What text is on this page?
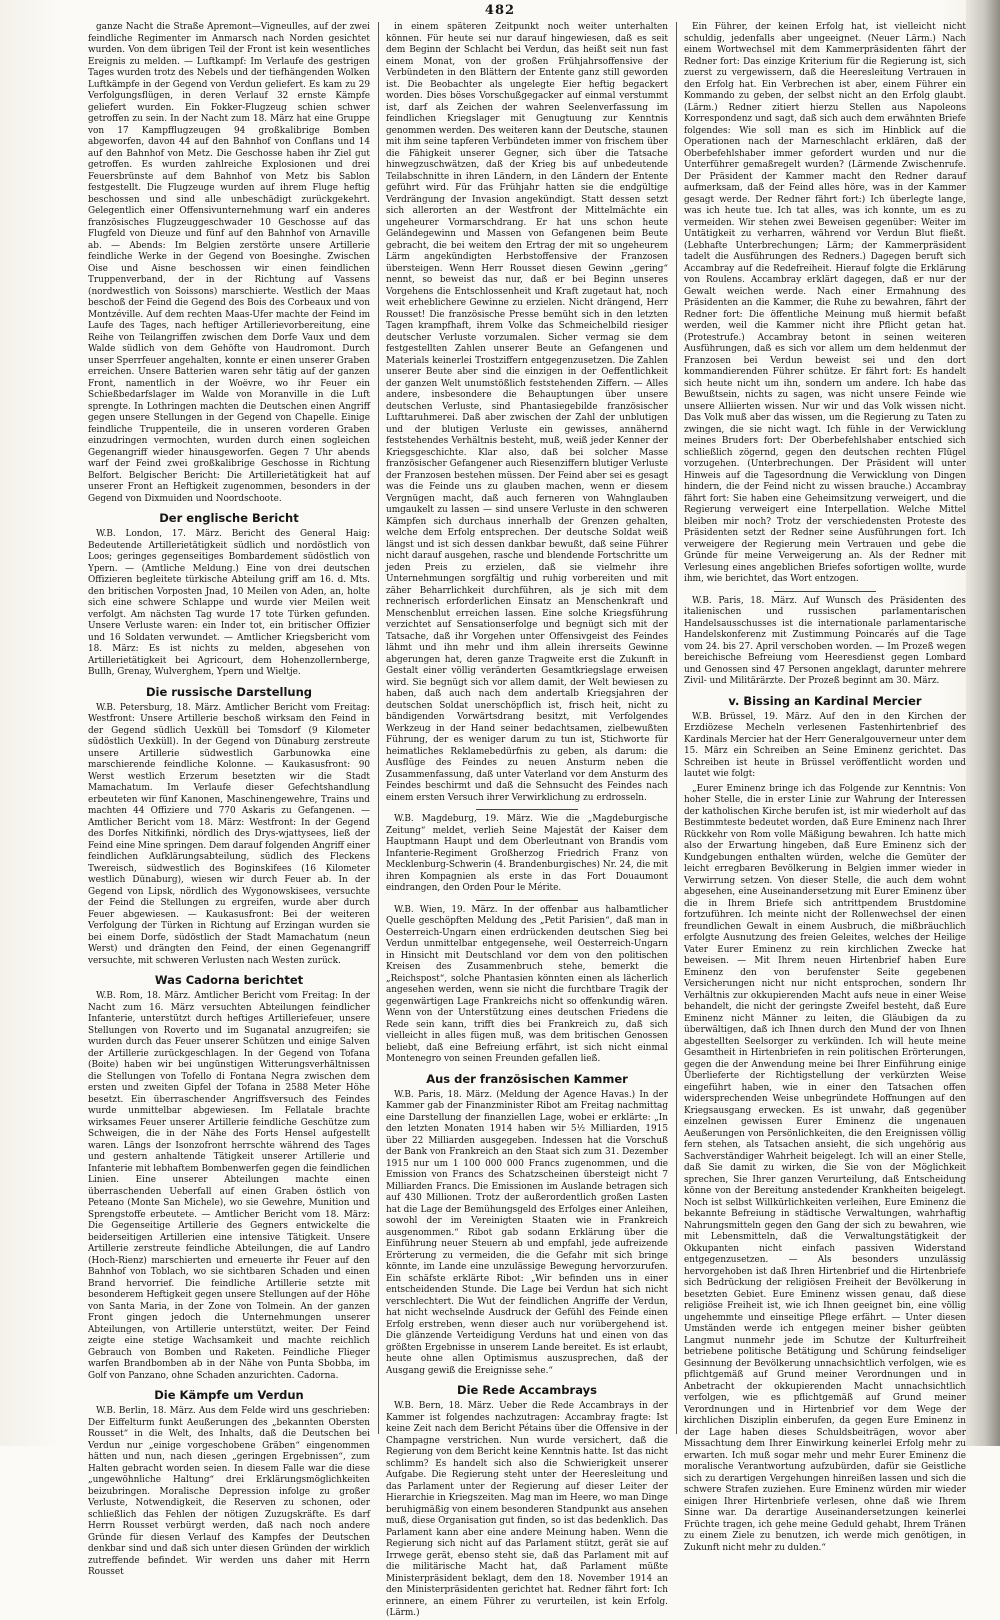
482

ganze Nacht die Straße Apremont—Vigneulles, auf der zwei feindliche Regimenter im Anmarsch nach Norden gesichtet wurden. Von dem übrigen Teil der Front ist kein wesentliches Ereignis zu melden. — Luftkampf: Im Verlaufe des gestrigen Tages wurden trotz des Nebels und der tiefhängenden Wolken Luftkämpfe in der Gegend von Verdun geliefert. Es kam zu 29 Verfolgungsflügen, in deren Verlauf 32 ernste Kämpfe geliefert wurden. Ein Fokker-Flugzeug schien schwer getroffen zu sein. In der Nacht zum 18. März hat eine Gruppe von 17 Kampfflugzeugen 94 großkalibrige Bomben abgeworfen, davon 44 auf den Bahnhof von Conflans und 14 auf den Bahnhof von Metz. Die Geschosse haben ihr Ziel gut getroffen. Es wurden zahlreiche Explosionen und drei Feuersbrünste auf dem Bahnhof von Metz bis Sablon festgestellt. Die Flugzeuge wurden auf ihrem Fluge heftig beschossen und sind alle unbeschädigt zurückgekehrt. Gelegentlich einer Offensivunternehmung warf ein anderes französisches Flugzeuggeschwader 10 Geschosse auf das Flugfeld von Dieuze und fünf auf den Bahnhof von Arnaville ab. — Abends: Im Belgien zerstörte unsere Artillerie feindliche Werke in der Gegend von Boesinghe. Zwischen Oise und Aisne beschossen wir einen feindlichen Truppenverband, der in der Richtung auf Vassens (nordwestlich von Soissons) marschierte. Westlich der Maas beschoß der Feind die Gegend des Bois des Corbeaux und von Montzéville. Auf dem rechten Maas-Ufer machte der Feind im Laufe des Tages, nach heftiger Artillerievorbereitung, eine Reihe von Teilangriffen zwischen dem Dorfe Vaux und dem Walde südlich von dem Gehöfte von Haudromont. Durch unser Sperrfeuer angehalten, konnte er einen unserer Graben erreichen. Unsere Batterien waren sehr tätig auf der ganzen Front, namentlich in der Woëvre, wo ihr Feuer ein Schießbedarfslager im Walde von Moranville in die Luft sprengte. In Lothringen machten die Deutschen einen Angriff gegen unsere Stellungen in der Gegend von Chapelle. Einige feindliche Truppenteile, die in unseren vorderen Graben einzudringen vermochten, wurden durch einen sogleichen Gegenangriff wieder hinausgeworfen. Gegen 7 Uhr abends warf der Feind zwei großkalibrige Geschosse in Richtung Belfort. Belgischer Bericht: Die Artillerietätigkeit hat auf unserer Front an Heftigkeit zugenommen, besonders in der Gegend von Dixmuiden und Noordschoote.

Der englische Bericht

W.B. London, 17. März. Bericht des General Haig: Bedeutende Artillerietätigkeit südlich und nordöstlich von Loos; geringes gegenseitiges Bombardement südöstlich von Ypern. — (Amtliche Meldung.) Eine von drei deutschen Offizieren begleitete türkische Abteilung griff am 16. d. Mts. den britischen Vorposten Jnad, 10 Meilen von Aden, an, holte sich eine schwere Schlappe und wurde vier Meilen weit verfolgt. Am nächsten Tag wurde 17 tote Türken gefunden. Unsere Verluste waren: ein Inder tot, ein britischer Offizier und 16 Soldaten verwundet. — Amtlicher Kriegsbericht vom 18. März: Es ist nichts zu melden, abgesehen von Artillerietätigkeit bei Agricourt, dem Hohenzollernberge, Bullh, Grenay, Wulverghem, Ypern und Wieltje.

Die russische Darstellung

W.B. Petersburg, 18. März. Amtlicher Bericht vom Freitag: Westfront: Unsere Artillerie beschoß wirksam den Feind in der Gegend südlich Uexküll bei Tomsdorf (9 Kilometer südöstlich Uexküll). In der Gegend von Dünaburg zerstreute unsere Artillerie südwestlich Garbunowka eine marschierende feindliche Kolonne. — Kaukasusfront: 90 Werst westlich Erzerum besetzten wir die Stadt Mamachatum. Im Verlaufe dieser Gefechtshandlung erbeuteten wir fünf Kanonen, Maschinengewehre, Trains und machten 44 Offiziere und 770 Askaris zu Gefangenen. — Amtlicher Bericht vom 18. März: Westfront: In der Gegend des Dorfes Nitkifinki, nördlich des Drys-wjattysees, ließ der Feind eine Mine springen. Dem darauf folgenden Angriff einer feindlichen Aufklärungsabteilung, südlich des Fleckens Twereisch, südwestlich des Boginskifees (16 Kilometer westlich Dünaburg), wiesen wir durch Feuer ab. In der Gegend von Lipsk, nördlich des Wygonowskisees, versuchte der Feind die Stellungen zu ergreifen, wurde aber durch Feuer abgewiesen. — Kaukasusfront: Bei der weiteren Verfolgung der Türken in Richtung auf Erzingan wurden sie bei einem Dorfe, südöstlich der Stadt Mamachatum (neun Werst) und drängten den Feind, der einen Gegenangriff versuchte, mit schweren Verlusten nach Westen zurück.

Was Cadorna berichtet

W.B. Rom, 18. März. Amtlicher Bericht vom Freitag: In der Nacht zum 16. März versuchten Abteilungen feindlicher Infanterie, unterstützt durch heftiges Artilleriefeuer, unsere Stellungen von Roverto und im Suganatal anzugreifen; sie wurden durch das Feuer unserer Schützen und einige Salven der Artillerie zurückgeschlagen. In der Gegend von Tofana (Boite) haben wir bei ungünstigen Witterungsverhältnissen die Stellungen von Tofello di Fontana Negra zwischen dem ersten und zweiten Gipfel der Tofana in 2588 Meter Höhe besetzt. Ein überraschender Angriffsversuch des Feindes wurde unmittelbar abgewiesen. Im Fellatale brachte wirksames Feuer unserer Artillerie feindliche Geschütze zum Schweigen, die in der Nähe des Forts Hensel aufgestellt waren. Längs der Isonzofront herrschte während des Tages und gestern anhaltende Tätigkeit unserer Artillerie und Infanterie mit lebhaftem Bombenwerfen gegen die feindlichen Linien. Eine unserer Abteilungen machte einen überraschenden Ueberfall auf einen Graben östlich von Peteano (Monte San Michele), wo sie Gewehre, Munition und Sprengstoffe erbeutete. — Amtlicher Bericht vom 18. März: Die Gegenseitige Artillerie des Gegners entwickelte die beiderseitigen Artillerien eine intensive Tätigkeit. Unsere Artillerie zerstreute feindliche Abteilungen, die auf Landro (Hoch-Rienz) marschierten und erneuerte ihr Feuer auf den Bahnhof von Toblach, wo sie sichtbaren Schaden und einen Brand hervorrief. Die feindliche Artillerie setzte mit besonderem Heftigkeit gegen unsere Stellungen auf der Höhe von Santa Maria, in der Zone von Tolmein. An der ganzen Front gingen jedoch die Unternehmungen unserer Abteilungen, von Artillerie unterstützt, weiter. Der Feind zeigte eine stetige Wachsamkeit und machte reichlich Gebrauch von Bomben und Raketen. Feindliche Flieger warfen Brandbomben ab in der Nähe von Punta Sbobba, im Golf von Panzano, ohne Schaden anzurichten. Cadorna.

Die Kämpfe um Verdun

W.B. Berlin, 18. März. Aus dem Felde wird uns geschrieben: Der Eiffelturm funkt Aeußerungen des „bekannten Obersten Rousset“ in die Welt, des Inhalts, daß die Deutschen bei Verdun nur „einige vorgeschobene Gräben“ eingenommen hätten und nun, nach diesen „geringen Ergebnissen“, zum Halten gebracht worden seien. In diesem Falle war die diese „ungewöhnliche Haltung“ drei Erklärungsmöglichkeiten beizubringen. Moralische Depression infolge zu großer Verluste, Notwendigkeit, die Reserven zu schonen, oder schließlich das Fehlen der nötigen Zuzugskräfte. Es darf Herrn Rousset verbürgt werden, daß nach noch andere Gründe für diesen Verlauf des Kampfes der Deutschen denkbar sind und daß sich unter diesen Gründen der wirklich zutreffende befindet. Wir werden uns daher mit Herrn Rousset

in einem späteren Zeitpunkt noch weiter unterhalten können. Für heute sei nur darauf hingewiesen, daß es seit dem Beginn der Schlacht bei Verdun, das heißt seit nun fast einem Monat, von der großen Frühjahrsoffensive der Verbündeten in den Blättern der Entente ganz still geworden ist. Die Beobachter als ungelegte Eier heftig begackert worden. Dies böses Vorschußgegacker auf einmal verstummt ist, darf als Zeichen der wahren Seelenverfassung im feindlichen Kriegslager mit Genugtuung zur Kenntnis genommen werden. Des weiteren kann der Deutsche, staunen mit ihm seine tapferen Verbündeten immer von frischem über die Fähigkeit unserer Gegner, sich über die Tatsache hinwegzuschwätzen, daß der Krieg bis auf unbedeutende Teilabschnitte in ihren Ländern, in den Ländern der Entente geführt wird. Für das Frühjahr hatten sie die endgültige Verdrängung der Invasion angekündigt. Statt dessen setzt sich allerorten an der Westfront der Mittelmächte ein ungeheurer Vormarschdrang. Er hat uns schon heute Geländegewinn und Massen von Gefangenen beim Beute gebracht, die bei weitem den Ertrag der mit so ungeheurem Lärm angekündigten Herbstoffensive der Franzosen übersteigen. Wenn Herr Rousset diesen Gewinn „gering“ nennt, so beweist das nur, daß er bei Beginn unseres Vorgehens die Entschlossenheit und Kraft zugetaut hat, noch weit erheblichere Gewinne zu erzielen. Nicht drängend, Herr Rousset! Die französische Presse bemüht sich in den letzten Tagen krampfhaft, ihrem Volke das Schmeichelbild riesiger deutscher Verluste vorzumalen. Sicher vermag sie dem festgestellten Zahlen unserer Beute an Gefangenen und Materials keinerlei Trostziffern entgegenzusetzen. Die Zahlen unserer Beute aber sind die einzigen in der Oeffentlichkeit der ganzen Welt unumstößlich feststehenden Ziffern. — Alles andere, insbesondere die Behauptungen über unsere deutschen Verluste, sind Phantasiegebilde französischer Lufttaruhmerei. Daß aber zwischen der Zahl der unblutigen und der blutigen Verluste ein gewisses, annähernd feststehendes Verhältnis besteht, muß, weiß jeder Kenner der Kriegsgeschichte. Klar also, daß bei solcher Masse französischer Gefangener auch Riesenziffern blutiger Verluste der Franzosen bestehen müssen. Der Feind aber sei es gesagt was die Feinde uns zu glauben machen, wenn er diesem Vergnügen macht, daß auch ferneren von Wahnglauben umgaukelt zu lassen — sind unsere Verluste in den schweren Kämpfen sich durchaus innerhalb der Grenzen gehalten, welche dem Erfolg entsprechen. Der deutsche Soldat weiß längst und ist sich dessen dankbar bewußt, daß seine Führer nicht darauf ausgehen, rasche und blendende Fortschritte um jeden Preis zu erzielen, daß sie vielmehr ihre Unternehmungen sorgfältig und ruhig vorbereiten und mit zäher Beharrlichkeit durchführen, als je sich mit dem rechnerisch erforderlichen Einsatz an Menschenkraft und Menschenblut erreichen lassen. Eine solche Kriegsführung verzichtet auf Sensationserfolge und begnügt sich mit der Tatsache, daß ihr Vorgehen unter Offensivgeist des Feindes lähmt und ihn mehr und ihm allein ihrerseits Gewinne abgerungen hat, deren ganze Tragweite erst die Zukunft in Gestalt einer völlig veränderten Gesamtkriegslage erweisen wird. Sie begnügt sich vor allem damit, der Welt bewiesen zu haben, daß auch nach dem andertalb Kriegsjahren der deutschen Soldat unerschöpflich ist, frisch heit, nicht zu bändigenden Vorwärtsdrang besitzt, mit Verfolgendes Werkzeug in der Hand seiner bedachtsamen, zielbewußten Führung, der es weniger darum zu tun ist, Stichworte für heimatliches Reklamebedürfnis zu geben, als darum: die Ausflüge des Feindes zu neuen Ansturm neben die Zusammenfassung, daß unter Vaterland vor dem Ansturm des Feindes beschirmt und daß die Sehnsucht des Feindes nach einem ersten Versuch ihrer Verwirklichung zu erdrosseln.

W.B. Magdeburg, 19. März. Wie die „Magdeburgische Zeitung“ meldet, verlieh Seine Majestät der Kaiser dem Hauptmann Haupt und dem Oberleutnant von Brandis vom Infanterie-Regiment Großherzog Friedrich Franz von Mecklenburg-Schwerin (4. Brandenburgisches) Nr. 24, die mit ihren Kompagnien als erste in das Fort Douaumont eindrangen, den Orden Pour le Mérite.

W.B. Wien, 19. März. In der offenbar aus halbamtlicher Quelle geschöpften Meldung des „Petit Parisien“, daß man in Oesterreich-Ungarn einen erdrückenden deutschen Sieg bei Verdun unmittelbar entgegensehe, weil Oesterreich-Ungarn in Hinsicht mit Deutschland vor dem von den politischen Kreisen des Zusammenbruch stehe, bemerkt die „Reichspost“, solche Phantasien könnten einen als lächerlich angesehen werden, wenn sie nicht die furchtbare Tragik der gegenwärtigen Lage Frankreichs nicht so offenkundig wären. Wenn von der Unterstützung eines deutschen Friedens die Rede sein kann, trifft dies bei Frankreich zu, daß sich vielleicht in alles fügen muß, was dem britischen Genossen beliebt, daß eine Befreiung erfährt, ist sich nicht einmal Montenegro von seinen Freunden gefallen ließ.

Aus der französischen Kammer

W.B. Paris, 18. März. (Meldung der Agence Havas.) In der Kammer gab der Finanzminister Ribot am Freitag nachmittag eine Darstellung der finanziellen Lage, wobei er erklärte: „In den letzten Monaten 1914 haben wir 5½ Milliarden, 1915 über 22 Milliarden ausgegeben. Indessen hat die Vorschuß der Bank von Frankreich an den Staat sich zum 31. Dezember 1915 nur um 1 100 000 000 Francs zugenommen, und die Emission von Francs des Schatzscheinen übersteigt nicht 7 Milliarden Francs. Die Emissionen im Auslande betragen sich auf 430 Millionen. Trotz der außerordentlich großen Lasten hat die Lage der Bemühungsgeld des Erfolges einer Anleihen, sowohl der im Vereinigten Staaten wie in Frankreich ausgenommen.“ Ribot gab sodann Erklärung über die Einführung neuer Steuern ab und empfahl, jede aufreizende Erörterung zu vermeiden, die die Gefahr mit sich bringe könnte, im Lande eine unzulässige Bewegung hervorzurufen. Ein schäfste erklärte Ribot: „Wir befinden uns in einer entscheidenden Stunde. Die Lage bei Verdun hat sich nicht verschlechtert. Die Wut der feindlichen Angriffe der Verdun, hat nicht wechselnde Ausdruck der Gefühl des Feinde einen Erfolg erstreben, wenn dieser auch nur vorübergehend ist. Die glänzende Verteidigung Verduns hat und einen von das größten Ergebnisse in unserem Lande bereitet. Es ist erlaubt, heute ohne allen Optimismus auszusprechen, daß der Ausgang gewiß die Ereignisse sehe.“

Die Rede Accambrays

W.B. Bern, 18. März. Ueber die Rede Accambrays in der Kammer ist folgendes nachzutragen: Accambray fragte: Ist keine Zeit nach dem Bericht Pétains über die Offensive in der Champagne verstrichen. Nun wurde versichert, daß die Regierung von dem Bericht keine Kenntnis hatte. Ist das nicht schlimm? Es handelt sich also die Schwierigkeit unserer Aufgabe. Die Regierung steht unter der Heeresleitung und das Parlament unter der Regierung auf dieser Leiter der Hierarchie in Kriegszeiten. Mag man im Heere, wo man Dinge beruhigmäßig von einem besonderen Standpunkt aus ansehen muß, diese Organisation gut finden, so ist das bedenklich. Das Parlament kann aber eine andere Meinung haben. Wenn die Regierung sich nicht auf das Parlament stützt, gerät sie auf Irrwege gerät, ebenso steht sie, daß das Parlament mit auf die militärische Macht hat, daß Parlament müßte Ministerpräsident beklagt, dem den 18. November 1914 an den Ministerpräsidenten gerichtet hat. Redner fährt fort: Ich erinnere, an einem Führer zu verurteilen, ist kein Erfolg. (Lärm.)

Ein Führer, der keinen Erfolg hat, ist vielleicht nicht schuldig, jedenfalls aber ungeeignet. (Neuer Lärm.) Nach einem Wortwechsel mit dem Kammerpräsidenten fährt der Redner fort: Das einzige Kriterium für die Regierung ist, sich zuerst zu vergewissern, daß die Heeresleitung Vertrauen in den Erfolg hat. Ein Verbrechen ist aber, einem Führer ein Kommando zu geben, der selbst nicht an den Erfolg glaubt. (Lärm.) Redner zitiert hierzu Stellen aus Napoleons Korrespondenz und sagt, daß sich auch dem erwähnten Briefe folgendes: Wie soll man es sich im Hinblick auf die Operationen nach der Marneschlacht erklären, daß der Oberbefehlshaber immer gefordert wurden und nur die Unterführer gemaßregelt wurden? (Lärmende Zwischenrufe. Der Präsident der Kammer macht den Redner darauf aufmerksam, daß der Feind alles höre, was in der Kammer gesagt werde. Der Redner fährt fort:) Ich überlegte lange, was ich heute tue. Ich tat alles, was ich konnte, um es zu vermeiden. Wir stehen zwei Beweisen gegenüber: Weiter im Untätigkeit zu verharren, während vor Verdun Blut fließt. (Lebhafte Unterbrechungen; Lärm; der Kammerpräsident tadelt die Ausführungen des Redners.) Dagegen beruft sich Accambray auf die Redefreiheit. Hierauf folgte die Erklärung von Roulens. Accambray erklärt dagegen, daß er nur der Gewalt weichen werde. Nach einer Ermahnung des Präsidenten an die Kammer, die Ruhe zu bewahren, fährt der Redner fort: Die öffentliche Meinung muß hiermit befaßt werden, weil die Kammer nicht ihre Pflicht getan hat. (Protestrufe.) Accambray betont in seinen weiteren Ausführungen, daß es sich vor allem um dem heldenmut der Franzosen bei Verdun beweist sei und den dort kommandierenden Führer schütze. Er fährt fort: Es handelt sich heute nicht um ihn, sondern um andere. Ich habe das Bewußtsein, nichts zu sagen, was nicht unsere Feinde wie unsere Alliierten wissen. Nur wir und das Volk wissen nicht. Das Volk muß aber das wissen, um die Regierung zu Taten zu zwingen, die sie nicht wagt. Ich fühle in der Verwicklung meines Bruders fort: Der Oberbefehlshaber entschied sich schließlich zögernd, gegen den deutschen rechten Flügel vorzugehen. (Unterbrechungen. Der Präsident will unter Hinweis auf die Tagesordnung die Verwicklung von Dingen hindern, die der Feind nicht zu wissen brauche.) Accambray fährt fort: Sie haben eine Geheimsitzung verweigert, und die Regierung verweigert eine Interpellation. Welche Mittel bleiben mir noch? Trotz der verschiedensten Proteste des Präsidenten setzt der Redner seine Ausführungen fort. Ich verweigere der Regierung mein Vertrauen und gebe die Gründe für meine Verweigerung an. Als der Redner mit Verlesung eines angeblichen Briefes sofortigen wollte, wurde ihm, wie berichtet, das Wort entzogen.

W.B. Paris, 18. März. Auf Wunsch des Präsidenten des italienischen und russischen parlamentarischen Handelsausschusses ist die internationale parlamentarische Handelskonferenz mit Zustimmung Poincarés auf die Tage vom 24. bis 27. April verschoben worden. — Im Prozeß wegen bereichische Befreiung vom Heeresdienst gegen Lombard und Genossen sind 47 Personen angeklagt, darunter mehrere Zivil- und Militärärzte. Der Prozeß beginnt am 30. März.

v. Bissing an Kardinal Mercier

W.B. Brüssel, 19. März. Auf den in den Kirchen der Erzdiözese Mecheln verlesenen Fastenhirtenbrief des Kardinals Mercier hat der Herr Generalgouverneur unter dem 15. März ein Schreiben an Seine Eminenz gerichtet. Das Schreiben ist heute in Brüssel veröffentlicht worden und lautet wie folgt:

„Eurer Eminenz bringe ich das Folgende zur Kenntnis: Von hoher Stelle, die in erster Linie zur Wahrung der Interessen der katholischen Kirche berufen ist, ist mir wiederholt auf das Bestimmteste bedeutet worden, daß Eure Eminenz nach Ihrer Rückkehr von Rom volle Mäßigung bewahren. Ich hatte mich also der Erwartung hingeben, daß Eure Eminenz sich der Kundgebungen enthalten würden, welche die Gemüter der leicht erregbaren Bevölkerung in Belgien immer wieder in Verwirrung setzen. Von dieser Stelle, die auch dem wohnt abgesehen, eine Auseinandersetzung mit Eurer Eminenz über die in Ihrem Briefe sich antrittpendem Brustdomine fortzuführen. Ich meinte nicht der Rollenwechsel der einen freundlichen Gewalt in einem Ausbruch, die mißbräuchlich erfolgte Ausnutzung des freien Geleites, welches der Heilige Vater Eurer Eminenz zu rein kirchlichen Zwecke hat beweisen. — Mit Ihrem neuen Hirtenbrief haben Eure Eminenz den von berufenster Seite gegebenen Versicherungen nicht nur nicht entsprochen, sondern Ihr Verhältnis zur okkupierenden Macht aufs neue in einer Weise behandelt, die nicht der geringste Zweifel besteht, daß Eure Eminenz nicht Männer zu leiten, die Gläubigen da zu überwältigen, daß ich Ihnen durch den Mund der von Ihnen abgestellten Seelsorger zu verkünden. Ich will heute meine Gesamtheit in Hirtenbriefen in rein politischen Erörterungen, gegen die der Anwendung meine bei Ihrer Einführung einige Überlieferte der Richtigstellung der verkürzten Weise eingeführt haben, wie in einer den Tatsachen offen widersprechenden Weise unbegründete Hoffnungen auf den Kriegsausgang erwecken. Es ist unwahr, daß gegenüber einzelnen gewissen Eurer Eminenz die ungenauen Aeußerungen von Persönlichkeiten, die den Ereignissen völlig fern stehen, als Tatsachen ansieht, die sich ungehörig aus Sachverständiger Wahrheit beigelegt. Ich will an einer Stelle, daß Sie damit zu wirken, die Sie von der Möglichkeit sprechen, Sie Ihrer ganzen Verurteilung, daß Entscheidung könne von der Bereitung anstedender Krankheiten beigelegt. Noch ist selbst Willkürlichkeiten verleihen, Eure Eminenz die bekannte Befreiung in städtische Verwaltungen, wahrhaftig Nahrungsmitteln gegen den Gang der sich zu bewahren, wie mit Lebensmitteln, daß die Verwaltungstätigkeit der Okkupanten nicht einfach passiven Widerstand entgegenzusetzen. — Als besonders unzulässig hervorgehoben ist daß Ihren Hirtenbrief und die Hirtenbriefe sich Bedrückung der religiösen Freiheit der Bevölkerung in besetzten Gebiet. Eure Eminenz wissen genau, daß diese religiöse Freiheit ist, wie ich Ihnen geeignet bin, eine völlig ungehemmte und einseitige Pflege erfährt. — Unter diesen Umständen werde ich entgegen meiner bisher geübten Langmut nunmehr jede im Schutze der Kulturfreiheit betriebene politische Betätigung und Schürung feindseliger Gesinnung der Bevölkerung unnachsichtlich verfolgen, wie es pflichtgemäß auf Grund meiner Verordnungen und in Anbetracht der okkupierenden Macht unnachsichtlich verfolgen, wie es pflichtgemäß auf Grund meiner Verordnungen und in Hirtenbrief vor dem Wege der kirchlichen Disziplin einberufen, da gegen Eure Eminenz in der Lage haben dieses Schuldsbeiträgen, wovor aber Missachtung dem Ihrer Einwirkung keinerlei Erfolg mehr zu erwarten. Ich muß sogar mehr und mehr Eurer Eminenz die moralische Verantwortung aufzubürden, dafür sie Geistliche sich zu derartigen Vergehungen hinreißen lassen und sich die schwere Strafen zuziehen. Eure Eminenz würden mir wieder einigen Ihrer Hirtenbriefe verlesen, ohne daß wie Ihrem Sinne war. Da derartige Auseinandersetzungen keinerlei Früchte tragen, ich gehe meine Geduld gehabt, Ihrem Tränen zu einem Ziele zu benutzen, ich werde mich genötigen, in Zukunft nicht mehr zu dulden.“
